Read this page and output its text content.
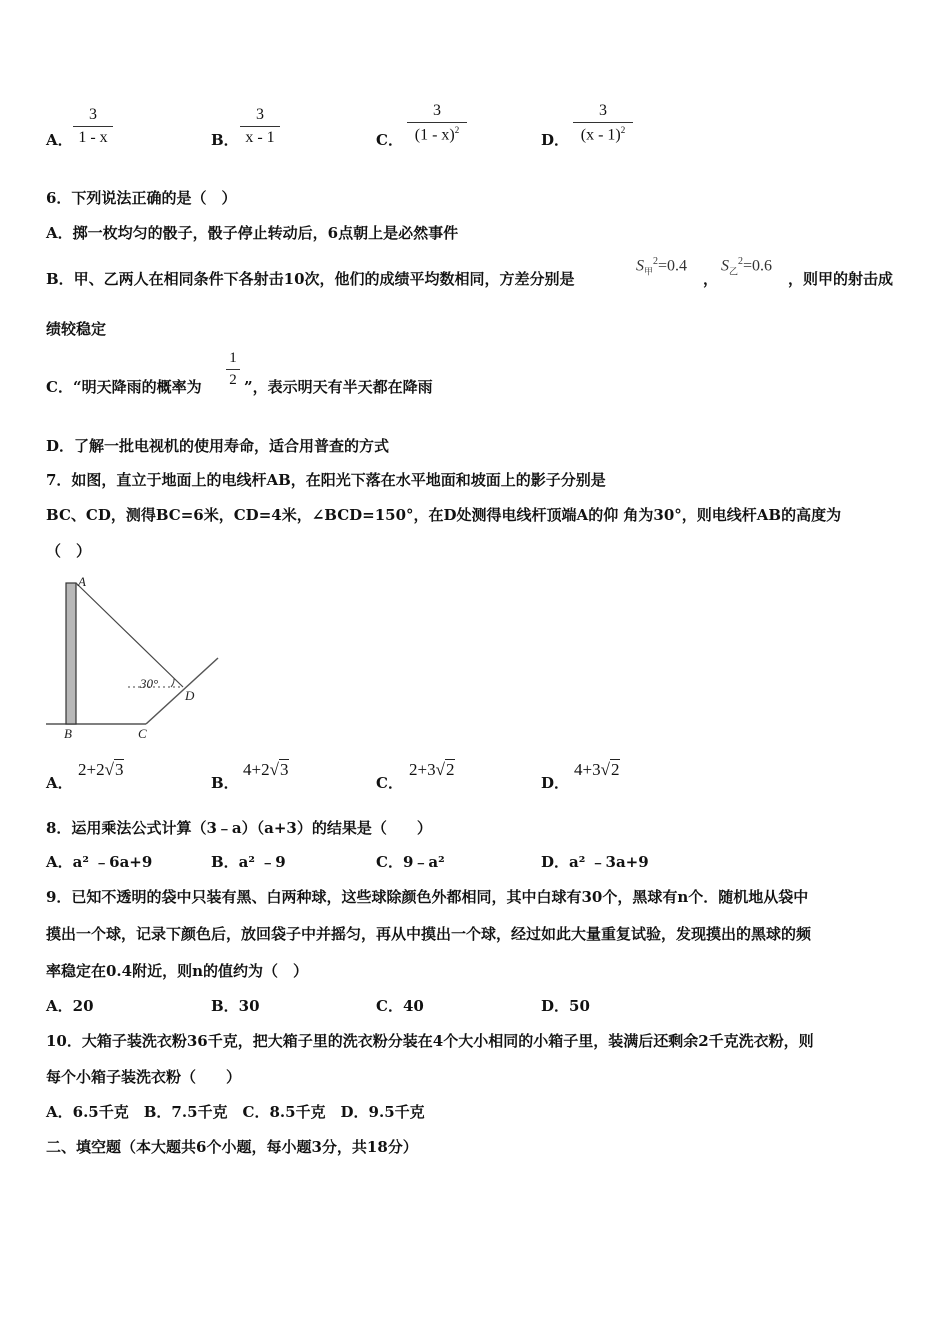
A． $\frac{3}{1 - x}$	B． $\frac{3}{x - 1}$	C． $\frac{3}{(1 - x)^2}$	D． $\frac{3}{(x - 1)^2}$
6．下列说法正确的是（　）
A．掷一枚均匀的骰子，骰子停止转动后，6点朝上是必然事件
B．甲、乙两人在相同条件下各射击10次，他们的成绩平均数相同，方差分别是
$S_甲^2=0.4$
，
$S_乙^2=0.6$
，则甲的射击成
绩较稳定
C．“明天降雨的概率为 $\frac{1}{2}$ ”，表示明天有半天都在降雨
D．了解一批电视机的使用寿命，适合用普查的方式
7．如图，直立于地面上的电线杆AB，在阳光下落在水平地面和坡面上的影子分别是
BC、CD，测得BC=6米，CD=4米，∠BCD=150°，在D处测得电线杆顶端A的仰 角为30°，则电线杆AB的高度为
（　）
30°
A
B	C
D
A．
2+2√3
B．
4+2√3
C．
2+3√2
D．
4+3√2
8．运用乘法公式计算（3﹣a）（a+3）的结果是（　　）
A．a² ﹣6a+9	B．a² ﹣9	C．9﹣a²	D．a² ﹣3a+9
9．已知不透明的袋中只装有黑、白两种球，这些球除颜色外都相同，其中白球有30个，黑球有n个．随机地从袋中
摸出一个球，记录下颜色后，放回袋子中并摇匀，再从中摸出一个球，经过如此大量重复试验，发现摸出的黑球的频
率稳定在0.4附近，则n的值约为（　）
A．20	B．30	C．40	D．50
10．大箱子装洗衣粉36千克，把大箱子里的洗衣粉分装在4个大小相同的小箱子里，装满后还剩余2千克洗衣粉，则
每个小箱子装洗衣粉（　　）
A．6.5千克　B．7.5千克　C．8.5千克　D．9.5千克
二、填空题（本大题共6个小题，每小题3分，共18分）
